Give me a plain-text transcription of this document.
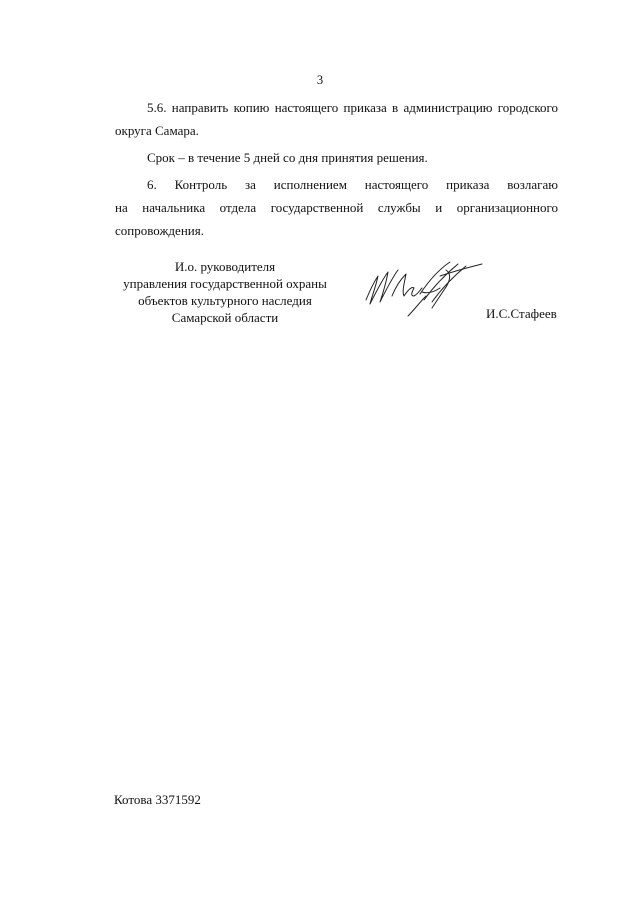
3
5.6. направить копию настоящего приказа в администрацию городского
округа Самара.
Срок – в течение 5 дней со дня принятия решения.
6. Контроль за исполнением настоящего приказа возлагаю
на начальника отдела государственной службы и организационного
сопровождения.
И.о. руководителя
управления государственной охраны
объектов культурного наследия
Самарской области	И.С.Стафеев
Котова 3371592
